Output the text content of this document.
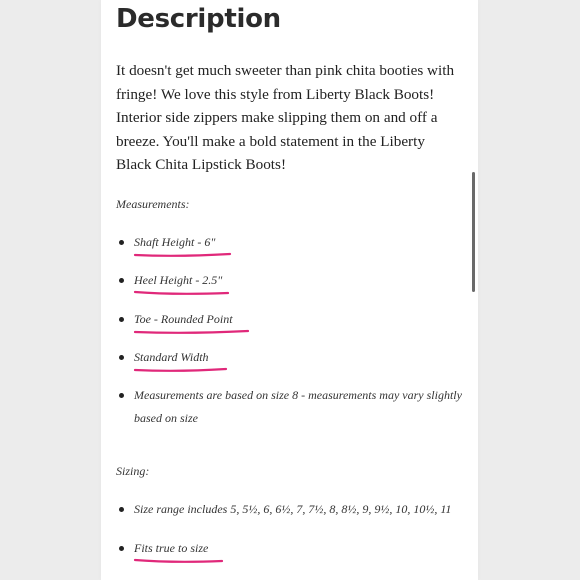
Description

It doesn't get much sweeter than pink chita booties with fringe! We love this style from Liberty Black Boots! Interior side zippers make slipping them on and off a breeze. You'll make a bold statement in the Liberty Black Chita Lipstick Boots!

Measurements:

Shaft Height - 6"
Heel Height - 2.5"
Toe - Rounded Point
Standard Width
Measurements are based on size 8 - measurements may vary slightly based on size

Sizing:

Size range includes 5, 5½, 6, 6½, 7, 7½, 8, 8½, 9, 9½, 10, 10½, 11
Fits true to size
